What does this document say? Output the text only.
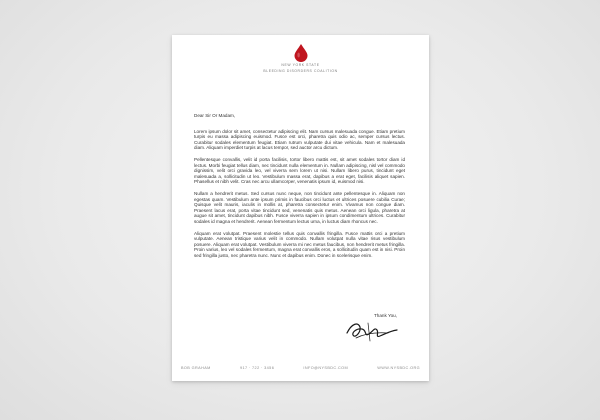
NEW YORK STATE
BLEEDING DISORDERS COALITION
Dear Sir Or Madam,

Lorem ipsum dolor sit amet, consectetur adipiscing elit. Nam cursus malesuada congue. Etiam pretium turpis eu massa adipiscing euismod. Fusce est orci, pharetra quis odio ac, semper cursus lectus. Curabitur sodales elementum feugiat. Etiam rutrum vulputate dui vitae vehicula. Nam et malesuada diam. Aliquam imperdiet turpis at lacus tempor, sed auctor arcu dictum.

Pellentesque convallis, velit id porta facilisis, tortor libero mattis est, sit amet sodales tortor diam id lectus. Morbi feugiat tellus diam, nec tincidunt nulla elementum in. Nullam adipiscing, nisl vel commodo dignissim, velit orci gravida leo, vel viverra sem lorem ut nisi. Nullam libero purus, tincidunt eget malesuada a, sollicitudin ut leo. Vestibulum massa erat, dapibus a erat eget, facilisis aliquet sapien. Phasellus et nibh velit. Cras nec arcu ullamcorper, venenatis ipsum id, euismod nisi.

Nullam a hendrerit metus. Sed cursus nunc neque, non tincidunt ante pellentesque in. Aliquam non egestas quam. Vestibulum ante ipsum primis in faucibus orci luctus et ultrices posuere cubilia Curae; Quisque velit mauris, iaculis in mollis at, pharetra consectetur enim. Vivamus non congue diam. Praesent lacus erat, porta vitae tincidunt sed, venenatis quis metus. Aenean orci ligula, pharetra at augue sit amet, tincidunt dapibus nibh. Fusce viverra sapien in ipsum condimentum ultrices. Curabitur sodales id magna et hendrerit. Aenean fermentum lectus urna, in luctus diam rhoncus nec.

Aliquam erat volutpat. Praesent molestie tellus quis convallis fringilla. Fusce mattis orci a pretium vulputate. Aenean tristique varius velit in commodo. Nullam volutpat nulla vitae risus vestibulum posuere. Aliquam erat volutpat. Vestibulum viverra mi nec metus faucibus, non hendrerit metus fringilla. Proin varius, leo vel sodales fermentum, magna erat convallis eros, a sollicitudin quam est in nisi. Proin sed fringilla justo, nec pharetra nunc. Nunc et dapibus enim. Donec in scelerisque enim.

Thank You,
BOB GRAHAM	917 · 722 · 3456	INFO@NYSBDC.COM	WWW.NYSBDC.ORG
